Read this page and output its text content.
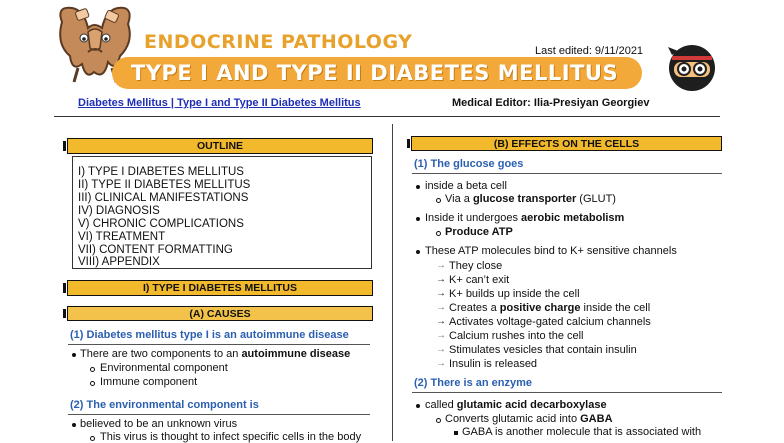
ENDOCRINE PATHOLOGY
TYPE I AND TYPE II DIABETES MELLITUS
Last edited: 9/11/2021
Diabetes Mellitus | Type I and Type II Diabetes Mellitus	Medical Editor: Ilia-Presiyan Georgiev
OUTLINE
I) TYPE I DIABETES MELLITUS
II) TYPE II DIABETES MELLITUS
III) CLINICAL MANIFESTATIONS
IV) DIAGNOSIS
V) CHRONIC COMPLICATIONS
VI) TREATMENT
VII) CONTENT FORMATTING
VIII) APPENDIX
I) TYPE I DIABETES MELLITUS
(A) CAUSES
(1) Diabetes mellitus type I is an autoimmune disease
There are two components to an autoimmune disease
Environmental component
Immune component
(2) The environmental component is
believed to be an unknown virus
This virus is thought to infect specific cells in the body
(B) EFFECTS ON THE CELLS
(1) The glucose goes
inside a beta cell
Via a glucose transporter (GLUT)
Inside it undergoes aerobic metabolism
Produce ATP
These ATP molecules bind to K+ sensitive channels
→ They close
→ K+ can’t exit
→ K+ builds up inside the cell
→ Creates a positive charge inside the cell
→ Activates voltage-gated calcium channels
→ Calcium rushes into the cell
→ Stimulates vesicles that contain insulin
→ Insulin is released
(2) There is an enzyme
called glutamic acid decarboxylase
Converts glutamic acid into GABA
GABA is another molecule that is associated with
